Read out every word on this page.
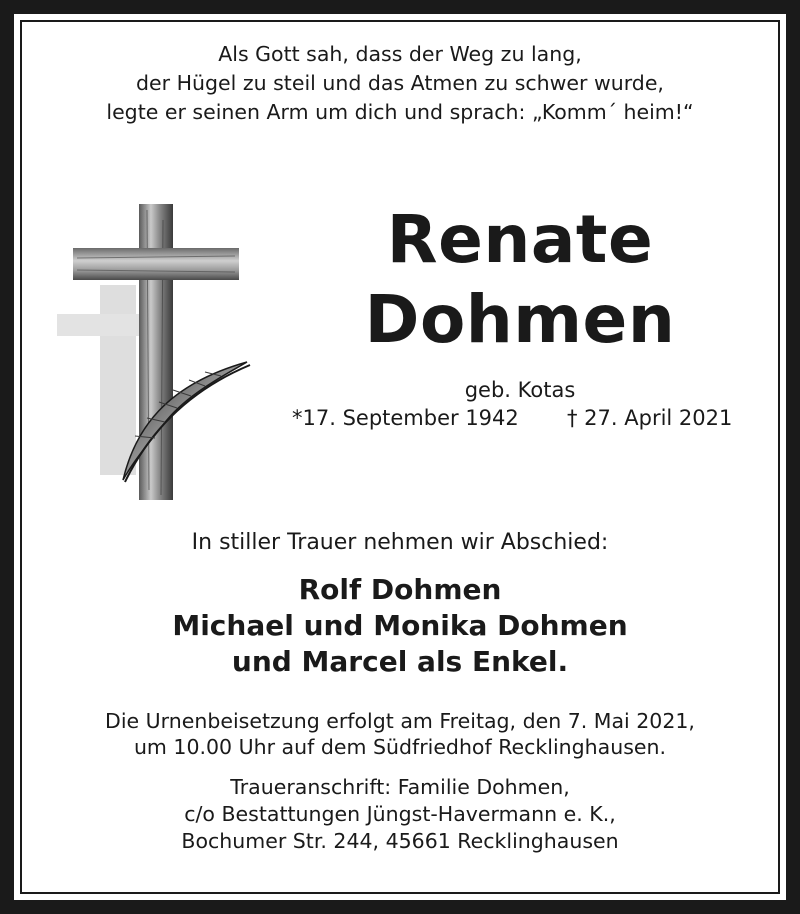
Als Gott sah, dass der Weg zu lang,
der Hügel zu steil und das Atmen zu schwer wurde,
legte er seinen Arm um dich und sprach: „Komm´ heim!“
Renate
Dohmen
geb. Kotas
*17. September 1942 † 27. April 2021
In stiller Trauer nehmen wir Abschied:
Rolf Dohmen
Michael und Monika Dohmen
und Marcel als Enkel.
Die Urnenbeisetzung erfolgt am Freitag, den 7. Mai 2021,
um 10.00 Uhr auf dem Südfriedhof Recklinghausen.
Traueranschrift: Familie Dohmen,
c/o Bestattungen Jüngst-Havermann e. K.,
Bochumer Str. 244, 45661 Recklinghausen
